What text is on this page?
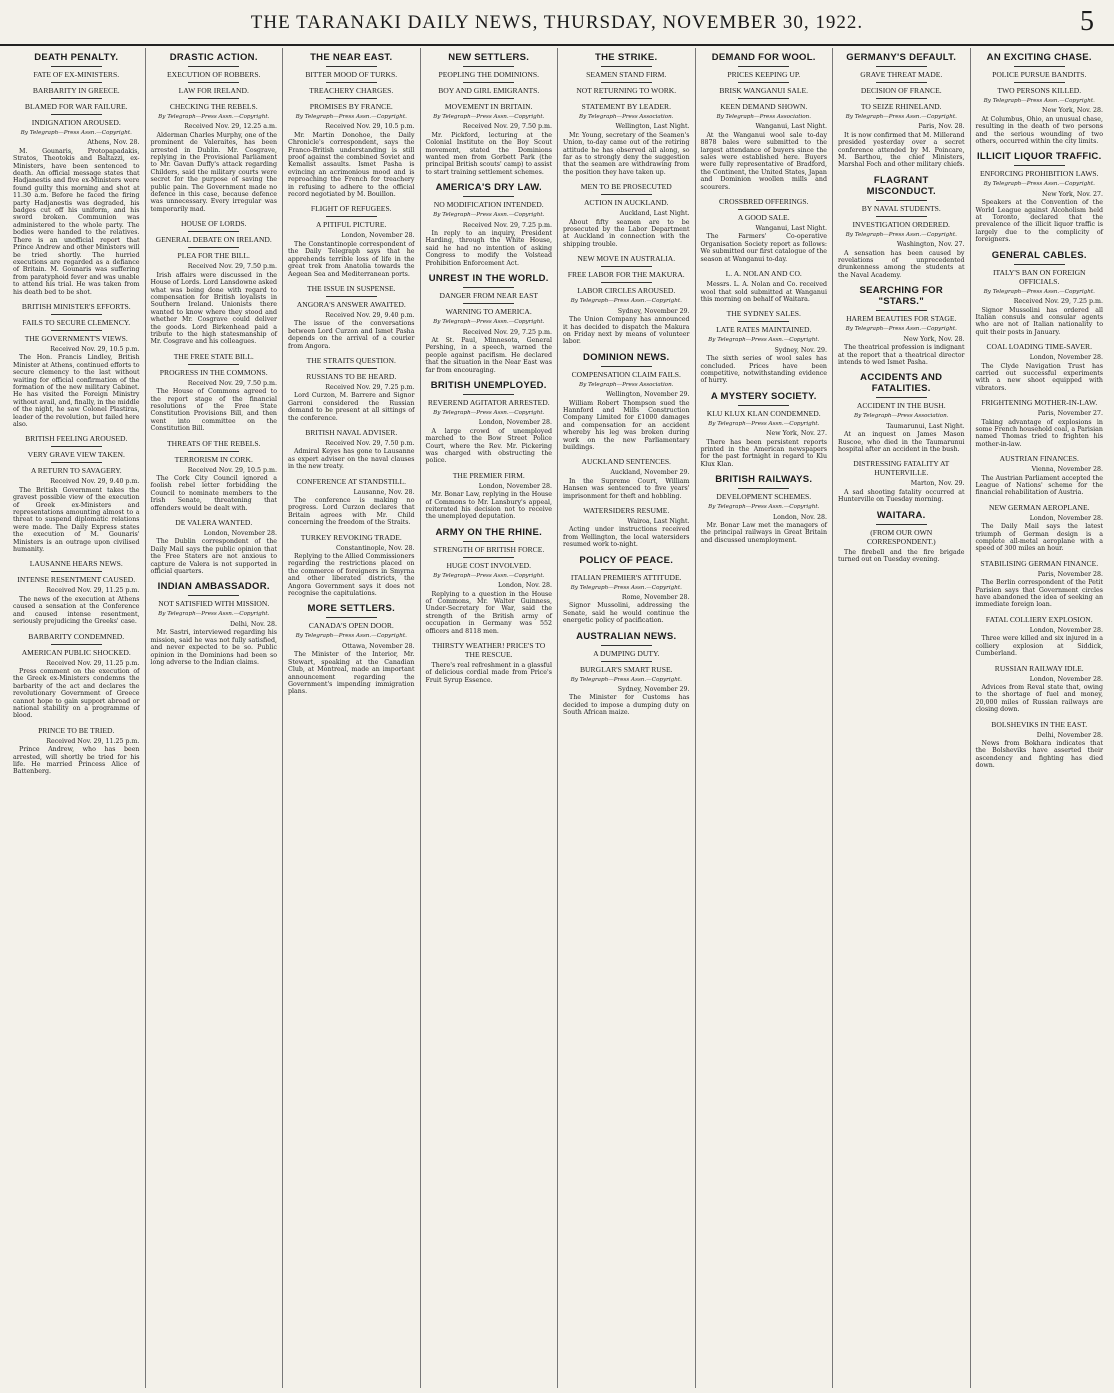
THE TARANAKI DAILY NEWS, THURSDAY, NOVEMBER 30, 1922.	5
DEATH PENALTY.
FATE OF EX-MINISTERS.
BARBARITY IN GREECE.
BLAMED FOR WAR FAILURE.
INDIGNATION AROUSED.
By Telegraph—Press Assn.—Copyright.
Athens, Nov. 28.

M. Gounaris, Protopapadakis, Stratos, Theotokis and Baltazzi, ex-Ministers, have been sentenced to death. An official message states that Hadjanestis and five ex-Ministers were found guilty this morning and shot at 11.30 a.m. Before he faced the firing party Hadjanestis was degraded, his badges cut off his uniform, and his sword broken. Communion was administered to the whole party. The bodies were handed to the relatives. There is an unofficial report that Prince Andrew and other Ministers will be tried shortly. The hurried executions are regarded as a defiance of Britain. M. Gounaris was suffering from paratyphoid fever and was unable to attend his trial. He was taken from his death bed to be shot.

BRITISH MINISTER'S EFFORTS.
FAILS TO SECURE CLEMENCY.
THE GOVERNMENT'S VIEWS.
Received Nov. 29, 10.5 p.m.

The Hon. Francis Lindley, British Minister at Athens, continued efforts to secure clemency to the last without waiting for official confirmation of the formation of the new military Cabinet. He has visited the Foreign Ministry without avail, and, finally, in the middle of the night, he saw Colonel Plastiras, leader of the revolution, but failed here also.

BRITISH FEELING AROUSED.
VERY GRAVE VIEW TAKEN.
A RETURN TO SAVAGERY.
Received Nov. 29, 9.40 p.m.

The British Government takes the gravest possible view of the execution of Greek ex-Ministers and representations amounting almost to a threat to suspend diplomatic relations were made. The Daily Express states the execution of M. Gounaris' Ministers is an outrage upon civilised humanity.

LAUSANNE HEARS NEWS.
INTENSE RESENTMENT CAUSED.
Received Nov. 29, 11.25 p.m.

The news of the execution at Athens caused a sensation at the Conference and caused intense resentment, seriously prejudicing the Greeks' case.

BARBARITY CONDEMNED.
AMERICAN PUBLIC SHOCKED.
Received Nov. 29, 11.25 p.m.

Press comment on the execution of the Greek ex-Ministers condemns the barbarity of the act and declares the revolutionary Government of Greece cannot hope to gain support abroad or national stability on a programme of blood.

PRINCE TO BE TRIED.
Received Nov. 29, 11.25 p.m.

Prince Andrew, who has been arrested, will shortly be tried for his life. He married Princess Alice of Battenberg.

DRASTIC ACTION.
EXECUTION OF ROBBERS.
LAW FOR IRELAND.
CHECKING THE REBELS.
By Telegraph—Press Assn.—Copyright.
Received Nov. 29, 12.25 a.m.

Alderman Charles Murphy, one of the prominent de Valeraites, has been arrested in Dublin. Mr. Cosgrave, replying in the Provisional Parliament to Mr. Gavan Duffy's attack regarding Childers, said the military courts were secret for the purpose of saving the public pain. The Government made no defence in this case, because defence was unnecessary. Every irregular was temporarily mad.

HOUSE OF LORDS.
GENERAL DEBATE ON IRELAND.
PLEA FOR THE BILL.
Received Nov. 29, 7.50 p.m.

Irish affairs were discussed in the House of Lords. Lord Lansdowne asked what was being done with regard to compensation for British loyalists in Southern Ireland. Unionists there wanted to know where they stood and whether Mr. Cosgrave could deliver the goods. Lord Birkenhead paid a tribute to the high statesmanship of Mr. Cosgrave and his colleagues.

THE FREE STATE BILL.
PROGRESS IN THE COMMONS.
Received Nov. 29, 7.50 p.m.

The House of Commons agreed to the report stage of the financial resolutions of the Free State Constitution Provisions Bill, and then went into committee on the Constitution Bill.

THREATS OF THE REBELS.
TERRORISM IN CORK.
Received Nov. 29, 10.5 p.m.

The Cork City Council ignored a foolish rebel letter forbidding the Council to nominate members to the Irish Senate, threatening that offenders would be dealt with.

DE VALERA WANTED.
London, November 28.

The Dublin correspondent of the Daily Mail says the public opinion that the Free Staters are not anxious to capture de Valera is not supported in official quarters.

INDIAN AMBASSADOR.
NOT SATISFIED WITH MISSION.
By Telegraph—Press Assn.—Copyright.
Delhi, Nov. 28.

Mr. Sastri, interviewed regarding his mission, said he was not fully satisfied, and never expected to be so. Public opinion in the Dominions had been so long adverse to the Indian claims.

THE NEAR EAST.
BITTER MOOD OF TURKS.
TREACHERY CHARGES.
PROMISES BY FRANCE.
By Telegraph—Press Assn.—Copyright.
Received Nov. 29, 10.5 p.m.

Mr. Martin Donohoe, the Daily Chronicle's correspondent, says the Franco-British understanding is still proof against the combined Soviet and Kemalist assaults. Ismet Pasha is evincing an acrimonious mood and is reproaching the French for treachery in refusing to adhere to the official record negotiated by M. Bouillon.

FLIGHT OF REFUGEES.
A PITIFUL PICTURE.
London, November 28.

The Constantinople correspondent of the Daily Telegraph says that he apprehends terrible loss of life in the great trek from Anatolia towards the Aegean Sea and Mediterranean ports.

THE ISSUE IN SUSPENSE.
ANGORA'S ANSWER AWAITED.
Received Nov. 29, 9.40 p.m.

The issue of the conversations between Lord Curzon and Ismet Pasha depends on the arrival of a courier from Angora.

THE STRAITS QUESTION.
RUSSIANS TO BE HEARD.
Received Nov. 29, 7.25 p.m.

Lord Curzon, M. Barrere and Signor Garroni considered the Russian demand to be present at all sittings of the conference.

BRITISH NAVAL ADVISER.
Received Nov. 29, 7.50 p.m.

Admiral Keyes has gone to Lausanne as expert adviser on the naval clauses in the new treaty.

CONFERENCE AT STANDSTILL.
Lausanne, Nov. 28.

The conference is making no progress. Lord Curzon declares that Britain agrees with Mr. Child concerning the freedom of the Straits.

TURKEY REVOKING TRADE.
Constantinople, Nov. 28.

Replying to the Allied Commissioners regarding the restrictions placed on the commerce of foreigners in Smyrna and other liberated districts, the Angora Government says it does not recognise the capitulations.

MORE SETTLERS.
CANADA'S OPEN DOOR.
By Telegraph—Press Assn.—Copyright.
Ottawa, November 28.

The Minister of the Interior, Mr. Stewart, speaking at the Canadian Club, at Montreal, made an important announcement regarding the Government's impending immigration plans.

NEW SETTLERS.
PEOPLING THE DOMINIONS.
BOY AND GIRL EMIGRANTS.
MOVEMENT IN BRITAIN.
By Telegraph—Press Assn.—Copyright.
Received Nov. 29, 7.50 p.m.

Mr. Pickford, lecturing at the Colonial Institute on the Boy Scout movement, stated the Dominions wanted men from Gorbett Park (the principal British scouts' camp) to assist to start training settlement schemes.

AMERICA'S DRY LAW.
NO MODIFICATION INTENDED.
By Telegraph—Press Assn.—Copyright.
Received Nov. 29, 7.25 p.m.

In reply to an inquiry, President Harding, through the White House, said he had no intention of asking Congress to modify the Volstead Prohibition Enforcement Act.

UNREST IN THE WORLD.
DANGER FROM NEAR EAST
WARNING TO AMERICA.
By Telegraph—Press Assn.—Copyright.
Received Nov. 29, 7.25 p.m.

At St. Paul, Minnesota, General Pershing, in a speech, warned the people against pacifism. He declared that the situation in the Near East was far from encouraging.

BRITISH UNEMPLOYED.
REVEREND AGITATOR ARRESTED.
By Telegraph—Press Assn.—Copyright.
London, November 28.

A large crowd of unemployed marched to the Bow Street Police Court, where the Rev. Mr. Pickering was charged with obstructing the police.

THE PREMIER FIRM.
London, November 28.

Mr. Bonar Law, replying in the House of Commons to Mr. Lansbury's appeal, reiterated his decision not to receive the unemployed deputation.

ARMY ON THE RHINE.
STRENGTH OF BRITISH FORCE.
HUGE COST INVOLVED.
By Telegraph—Press Assn.—Copyright.
London, Nov. 28.

Replying to a question in the House of Commons, Mr. Walter Guinness, Under-Secretary for War, said the strength of the British army of occupation in Germany was 552 officers and 8118 men.

THIRSTY WEATHER! PRICE'S TO THE RESCUE.

There's real refreshment in a glassful of delicious cordial made from Price's Fruit Syrup Essence.

THE STRIKE.
SEAMEN STAND FIRM.
NOT RETURNING TO WORK.
STATEMENT BY LEADER.
By Telegraph—Press Association.
Wellington, Last Night.

Mr. Young, secretary of the Seamen's Union, to-day came out of the retiring attitude he has observed all along, so far as to strongly deny the suggestion that the seamen are withdrawing from the position they have taken up.

MEN TO BE PROSECUTED
ACTION IN AUCKLAND.
Auckland, Last Night.

About fifty seamen are to be prosecuted by the Labor Department at Auckland in connection with the shipping trouble.

NEW MOVE IN AUSTRALIA.
FREE LABOR FOR THE MAKURA.
LABOR CIRCLES AROUSED.
By Telegraph—Press Assn.—Copyright.
Sydney, November 29.

The Union Company has announced it has decided to dispatch the Makura on Friday next by means of volunteer labor.

DOMINION NEWS.
COMPENSATION CLAIM FAILS.
By Telegraph—Press Association.
Wellington, November 29.

William Robert Thompson sued the Hannford and Mills Construction Company Limited for £1000 damages and compensation for an accident whereby his leg was broken during work on the new Parliamentary buildings.

AUCKLAND SENTENCES.
Auckland, November 29.

In the Supreme Court, William Hansen was sentenced to five years' imprisonment for theft and hobbling.

WATERSIDERS RESUME.
Wairoa, Last Night.

Acting under instructions received from Wellington, the local watersiders resumed work to-night.

POLICY OF PEACE.
ITALIAN PREMIER'S ATTITUDE.
By Telegraph—Press Assn.—Copyright.
Rome, November 28.

Signor Mussolini, addressing the Senate, said he would continue the energetic policy of pacification.

AUSTRALIAN NEWS.
A DUMPING DUTY.
BURGLAR'S SMART RUSE.
By Telegraph—Press Assn.—Copyright.
Sydney, November 29.

The Minister for Customs has decided to impose a dumping duty on South African maize.

DEMAND FOR WOOL.
PRICES KEEPING UP.
BRISK WANGANUI SALE.
KEEN DEMAND SHOWN.
By Telegraph—Press Association.
Wanganui, Last Night.

At the Wanganui wool sale to-day 8878 bales were submitted to the largest attendance of buyers since the sales were established here. Buyers were fully representative of Bradford, the Continent, the United States, Japan and Dominion woollen mills and scourers.

CROSSBRED OFFERINGS.
A GOOD SALE.
Wanganui, Last Night.

The Farmers' Co-operative Organisation Society report as follows: We submitted our first catalogue of the season at Wanganui to-day.

L. A. NOLAN AND CO.

Messrs. L. A. Nolan and Co. received wool that sold submitted at Wanganui this morning on behalf of Waitara.

THE SYDNEY SALES.
LATE RATES MAINTAINED.
By Telegraph—Press Assn.—Copyright.
Sydney, Nov. 29.

The sixth series of wool sales has concluded. Prices have been competitive, notwithstanding evidence of hurry.

A MYSTERY SOCIETY.
KLU KLUX KLAN CONDEMNED.
By Telegraph—Press Assn.—Copyright.
New York, Nov. 27.

There has been persistent reports printed in the American newspapers for the past fortnight in regard to Klu Klux Klan.

BRITISH RAILWAYS.
DEVELOPMENT SCHEMES.
By Telegraph—Press Assn.—Copyright.
London, Nov. 28.

Mr. Bonar Law met the managers of the principal railways in Great Britain and discussed unemployment.

GERMANY'S DEFAULT.
GRAVE THREAT MADE.
DECISION OF FRANCE.
TO SEIZE RHINELAND.
By Telegraph—Press Assn.—Copyright.
Paris, Nov. 28.

It is now confirmed that M. Millerand presided yesterday over a secret conference attended by M. Poincare, M. Barthou, the chief Ministers, Marshal Foch and other military chiefs.

FLAGRANT MISCONDUCT.
BY NAVAL STUDENTS.
INVESTIGATION ORDERED.
By Telegraph—Press Assn.—Copyright.
Washington, Nov. 27.

A sensation has been caused by revelations of unprecedented drunkenness among the students at the Naval Academy.

SEARCHING FOR "STARS."
HAREM BEAUTIES FOR STAGE.
By Telegraph—Press Assn.—Copyright.
New York, Nov. 28.

The theatrical profession is indignant at the report that a theatrical director intends to wed Ismet Pasha.

ACCIDENTS AND FATALITIES.
ACCIDENT IN THE BUSH.
By Telegraph—Press Association.
Taumarunui, Last Night.

At an inquest on James Mason Ruscoe, who died in the Taumarunui hospital after an accident in the bush.

DISTRESSING FATALITY AT HUNTERVILLE.
Marton, Nov. 29.

A sad shooting fatality occurred at Hunterville on Tuesday morning.

WAITARA.
(FROM OUR OWN CORRESPONDENT.)

The firebell and the fire brigade turned out on Tuesday evening.

AN EXCITING CHASE.
POLICE PURSUE BANDITS.
TWO PERSONS KILLED.
By Telegraph—Press Assn.—Copyright.
New York, Nov. 28.

At Columbus, Ohio, an unusual chase, resulting in the death of two persons and the serious wounding of two others, occurred within the city limits.

ILLICIT LIQUOR TRAFFIC.
ENFORCING PROHIBITION LAWS.
By Telegraph—Press Assn.—Copyright.
New York, Nov. 27.

Speakers at the Convention of the World League against Alcoholism held at Toronto, declared that the prevalence of the illicit liquor traffic is largely due to the complicity of foreigners.

GENERAL CABLES.
ITALY'S BAN ON FOREIGN OFFICIALS.
By Telegraph—Press Assn.—Copyright.
Received Nov. 29, 7.25 p.m.

Signor Mussolini has ordered all Italian consuls and consular agents who are not of Italian nationality to quit their posts in January.

COAL LOADING TIME-SAVER.
London, November 28.

The Clyde Navigation Trust has carried out successful experiments with a new shoot equipped with vibrators.

FRIGHTENING MOTHER-IN-LAW.
Paris, November 27.

Taking advantage of explosions in some French household coal, a Parisian named Thomas tried to frighten his mother-in-law.

AUSTRIAN FINANCES.
Vienna, November 28.

The Austrian Parliament accepted the League of Nations' scheme for the financial rehabilitation of Austria.

NEW GERMAN AEROPLANE.
London, November 28.

The Daily Mail says the latest triumph of German design is a complete all-metal aeroplane with a speed of 300 miles an hour.

STABILISING GERMAN FINANCE.
Paris, November 28.

The Berlin correspondent of the Petit Parisien says that Government circles have abandoned the idea of seeking an immediate foreign loan.

FATAL COLLIERY EXPLOSION.
London, November 28.

Three were killed and six injured in a colliery explosion at Siddick, Cumberland.

RUSSIAN RAILWAY IDLE.
London, November 28.

Advices from Reval state that, owing to the shortage of fuel and money, 20,000 miles of Russian railways are closing down.

BOLSHEVIKS IN THE EAST.
Delhi, November 28.

News from Bokhara indicates that the Bolsheviks have asserted their ascendency and fighting has died down.
